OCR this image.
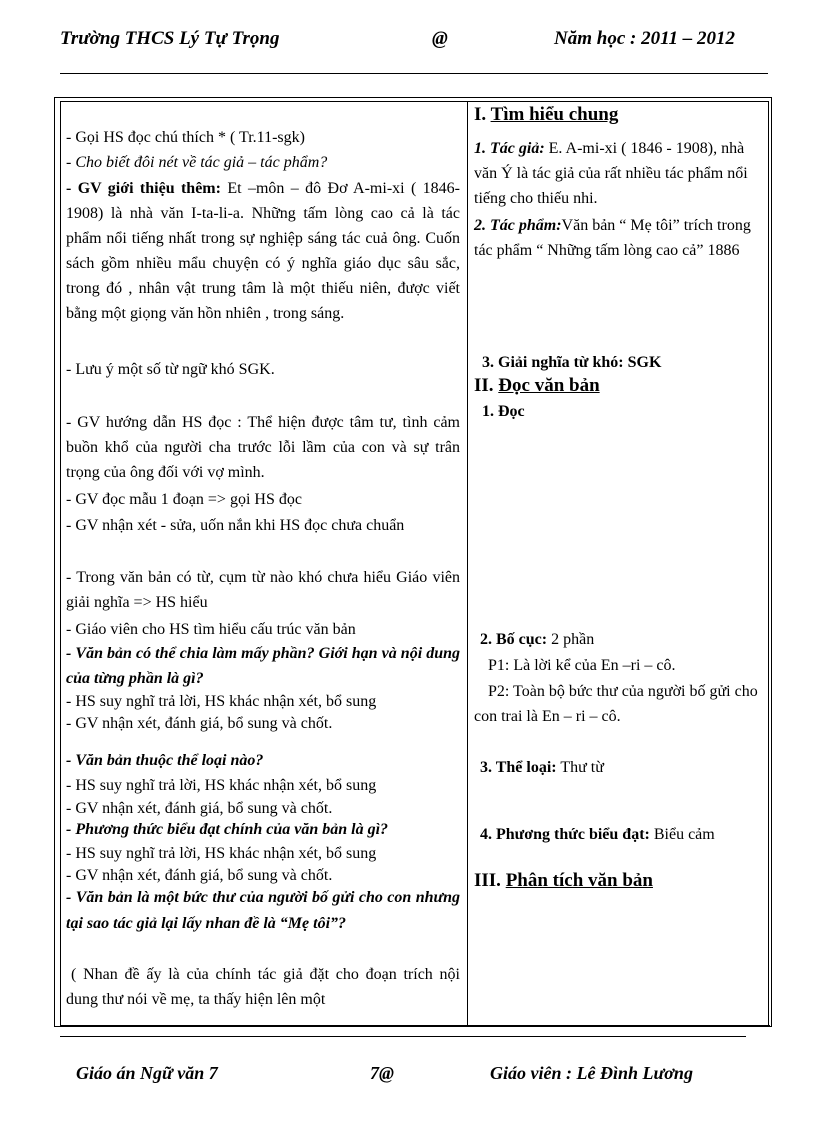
Trường THCS Lý Tự Trọng	@	Năm học : 2011 – 2012
- Gọi HS đọc chú thích * ( Tr.11-sgk)
- Cho biết đôi nét về tác giả – tác phẩm?
- GV giới thiệu thêm: Et –môn – đô Đơ A-mi-xi ( 1846-1908) là nhà văn I-ta-li-a. Những tấm lòng cao cả là tác phẩm nổi tiếng nhất trong sự nghiệp sáng tác cuả ông. Cuốn sách gồm nhiều mẩu chuyện có ý nghĩa giáo dục sâu sắc, trong đó , nhân vật trung tâm là một thiếu niên, được viết bằng một giọng văn hồn nhiên , trong sáng.
- Lưu ý một số từ ngữ khó SGK.
- GV hướng dẫn HS đọc : Thể hiện được tâm tư, tình cảm buồn khổ của người cha trước lỗi lầm của con và sự trân trọng của ông đối với vợ mình.
- GV đọc mẫu 1 đoạn => gọi HS đọc
- GV nhận xét - sửa, uốn nắn khi HS đọc chưa chuẩn
- Trong văn bản có từ, cụm từ nào khó chưa hiểu Giáo viên giải nghĩa => HS hiểu
- Giáo viên cho HS tìm hiểu cấu trúc văn bản
- Văn bản có thể chia làm mấy phần? Giới hạn và nội dung của từng phần là gì?
- HS suy nghĩ trả lời, HS khác nhận xét, bổ sung
- GV nhận xét, đánh giá, bổ sung và chốt.
- Văn bản thuộc thể loại nào?
- HS suy nghĩ trả lời, HS khác nhận xét, bổ sung
- GV nhận xét, đánh giá, bổ sung và chốt.
- Phương thức biểu đạt chính của văn bản là gì?
- HS suy nghĩ trả lời, HS khác nhận xét, bổ sung
- GV nhận xét, đánh giá, bổ sung và chốt.
- Văn bản là một bức thư của người bố gửi cho con nhưng tại sao tác giả lại lấy nhan đề là “Mẹ tôi”?
( Nhan đề ấy là của chính tác giả đặt cho đoạn trích nội dung thư nói về mẹ, ta thấy hiện lên một
I. Tìm hiểu chung
1. Tác giả: E. A-mi-xi ( 1846 - 1908), nhà văn Ý là tác giả của rất nhiều tác phẩm nổi tiếng cho thiếu nhi.
2. Tác phẩm:Văn bản “ Mẹ tôi” trích trong tác phẩm “ Những tấm lòng cao cả” 1886
3. Giải nghĩa từ khó: SGK
II. Đọc văn bản
1. Đọc
2. Bố cục: 2 phần
P1: Là lời kể của En –ri – cô.
P2: Toàn bộ bức thư của người bố gửi cho con trai là En – ri – cô.
3. Thể loại: Thư từ
4. Phương thức biểu đạt: Biểu cảm
III. Phân tích văn bản
Giáo án Ngữ văn 7	7@	Giáo viên : Lê Đình Lương
